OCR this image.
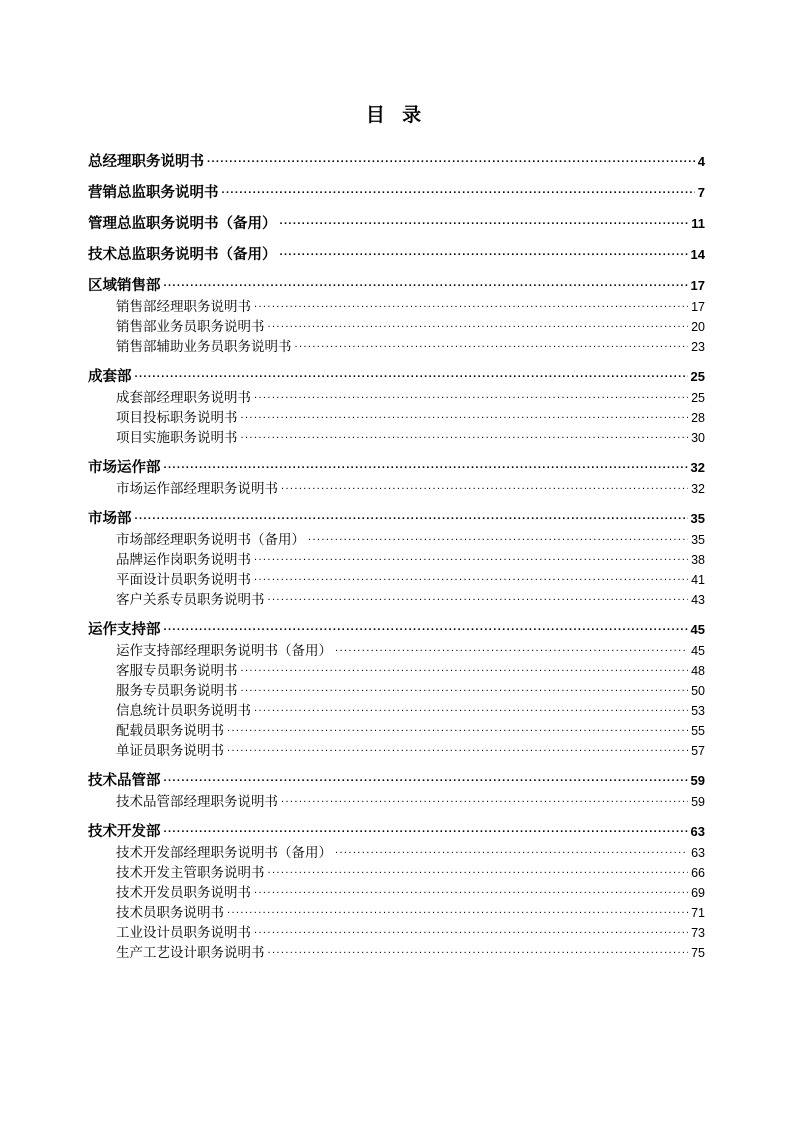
目 录
总经理职务说明书 .....	4
营销总监职务说明书 .....	7
管理总监职务说明书（备用） .....	11
技术总监职务说明书（备用） .....	14
区域销售部 .....	17
销售部经理职务说明书 .....	17
销售部业务员职务说明书 .....	20
销售部辅助业务员职务说明书 .....	23
成套部 .....	25
成套部经理职务说明书 .....	25
项目投标职务说明书 .....	28
项目实施职务说明书 .....	30
市场运作部 .....	32
市场运作部经理职务说明书 .....	32
市场部 .....	35
市场部经理职务说明书（备用） .....	35
品牌运作岗职务说明书 .....	38
平面设计员职务说明书 .....	41
客户关系专员职务说明书 .....	43
运作支持部 .....	45
运作支持部经理职务说明书（备用） .....	45
客服专员职务说明书 .....	48
服务专员职务说明书 .....	50
信息统计员职务说明书 .....	53
配载员职务说明书 .....	55
单证员职务说明书 .....	57
技术品管部 .....	59
技术品管部经理职务说明书 .....	59
技术开发部 .....	63
技术开发部经理职务说明书（备用） .....	63
技术开发主管职务说明书 .....	66
技术开发员职务说明书 .....	69
技术员职务说明书 .....	71
工业设计员职务说明书 .....	73
生产工艺设计职务说明书 .....	75
